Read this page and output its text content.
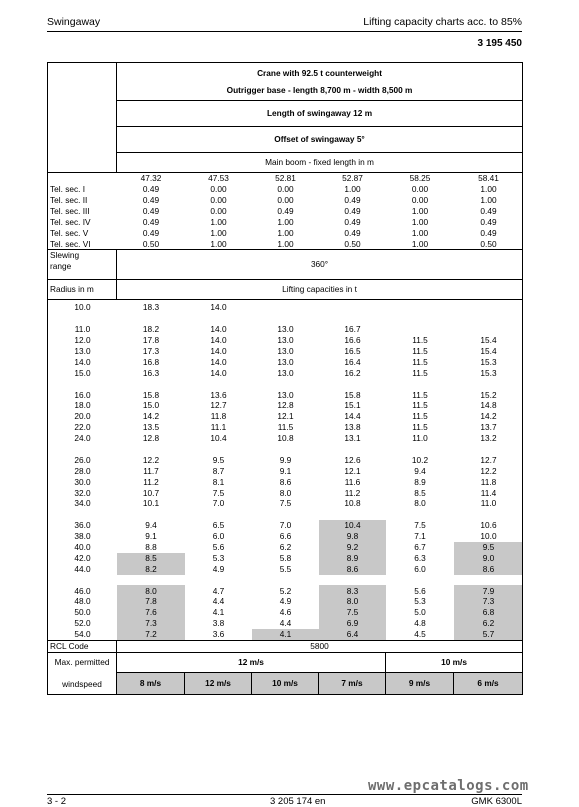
Swingaway	Lifting capacity charts acc. to 85%
3 195 450

Crane with 92.5 t counterweight
Outrigger base - length 8,700 m - width 8,500 m

Length of swingaway 12 m
Offset of swingaway 5°
Main boom - fixed length in m

	47.32	47.53	52.81	52.87	58.25	58.41
Tel. sec. I	0.49	0.00	0.00	1.00	0.00	1.00
Tel. sec. II	0.49	0.00	0.00	0.49	0.00	1.00
Tel. sec. III	0.49	0.00	0.49	0.49	1.00	0.49
Tel. sec. IV	0.49	1.00	1.00	0.49	1.00	0.49
Tel. sec. V	0.49	1.00	1.00	0.49	1.00	0.49
Tel. sec. VI	0.50	1.00	1.00	0.50	1.00	0.50

Slewing
range	360°
Radius in m	Lifting capacities in t

10.0	18.3	14.0				

11.0	18.2	14.0	13.0	16.7		
12.0	17.8	14.0	13.0	16.6	11.5	15.4
13.0	17.3	14.0	13.0	16.5	11.5	15.4
14.0	16.8	14.0	13.0	16.4	11.5	15.3
15.0	16.3	14.0	13.0	16.2	11.5	15.3

16.0	15.8	13.6	13.0	15.8	11.5	15.2
18.0	15.0	12.7	12.8	15.1	11.5	14.8
20.0	14.2	11.8	12.1	14.4	11.5	14.2
22.0	13.5	11.1	11.5	13.8	11.5	13.7
24.0	12.8	10.4	10.8	13.1	11.0	13.2

26.0	12.2	9.5	9.9	12.6	10.2	12.7
28.0	11.7	8.7	9.1	12.1	9.4	12.2
30.0	11.2	8.1	8.6	11.6	8.9	11.8
32.0	10.7	7.5	8.0	11.2	8.5	11.4
34.0	10.1	7.0	7.5	10.8	8.0	11.0

36.0	9.4	6.5	7.0	10.4	7.5	10.6
38.0	9.1	6.0	6.6	9.8	7.1	10.0
40.0	8.8	5.6	6.2	9.2	6.7	9.5
42.0	8.5	5.3	5.8	8.9	6.3	9.0
44.0	8.2	4.9	5.5	8.6	6.0	8.6

46.0	8.0	4.7	5.2	8.3	5.6	7.9
48.0	7.8	4.4	4.9	8.0	5.3	7.3
50.0	7.6	4.1	4.6	7.5	5.0	6.8
52.0	7.3	3.8	4.4	6.9	4.8	6.2
54.0	7.2	3.6	4.1	6.4	4.5	5.7

RCL Code	5800

Max. permitted
windspeed
	12 m/s	10 m/s
8 m/s	12 m/s	10 m/s	7 m/s	9 m/s	6 m/s
www.epcatalogs.com
3 - 2	3 205 174 en	GMK 6300L
